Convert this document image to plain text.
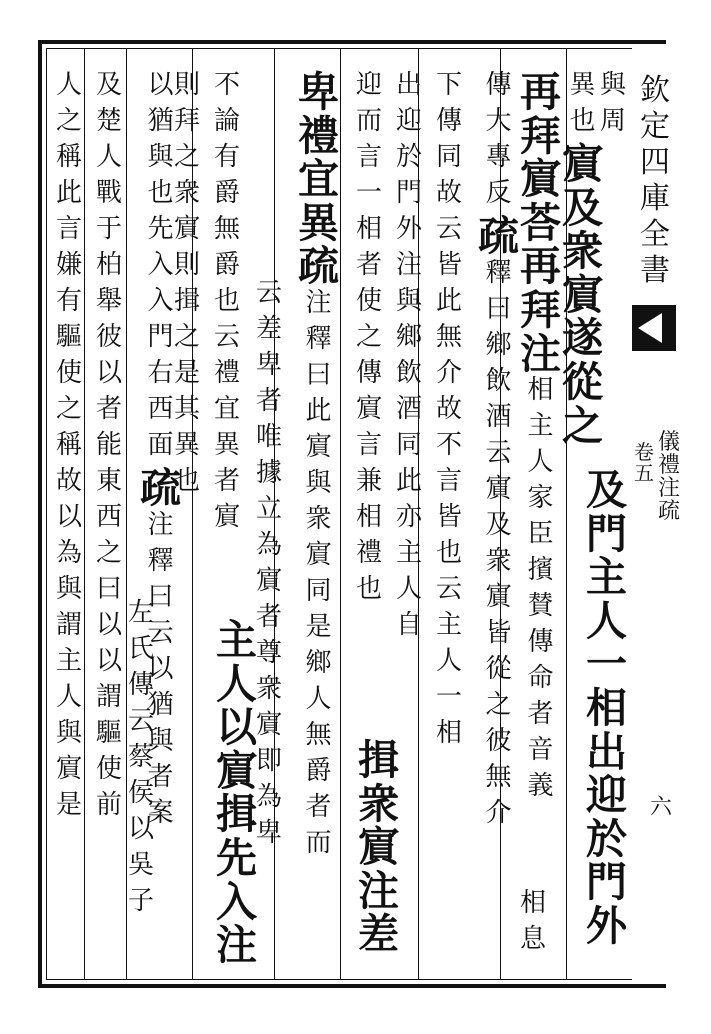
與
周
異
也
賔
及
衆
賔
遂
從
之
再
拜
賔
荅
再
拜
注
相
主
人
家
臣
擯
賛
傳
命
者
音
義
傳
大
專
反
疏
釋
曰
鄉
飲
酒
云
賔
及
衆
賔
皆
從
之
彼
無
介
下
傳
同
故
云
皆
此
無
介
故
不
言
皆
也
云
主
人
一
相
迎
而
言
一
相
者
使
之
傳
賔
言
兼
相
禮
也
出
迎
於
門
外
注
與
鄉
飲
酒
同
此
亦
主
人
自
卑
禮
宜
異
疏
注
釋
曰
此
賔
與
衆
賔
同
是
鄉
人
無
爵
者
而
云
差
卑
者
唯
據
立
為
賔
者
尊
衆
賔
即
為
卑
不
論
有
爵
無
爵
也
云
禮
宜
異
者
賔
則
拜
之
衆
賔
則
揖
之
是
其
異
也
以
猶
與
也
先
入
入
門
右
西
面
疏
注
釋
曰
云
以
猶
與
者
案
左
氏
傳
云
蔡
侯
以
吳
子
及
楚
人
戰
于
柏
舉
彼
以
者
能
東
西
之
曰
以
以
謂
驅
使
前
人
之
稱
此
言
嫌
有
驅
使
之
稱
故
以
為
與
謂
主
人
與
賔
是
主
人
以
賔
揖
先
入
注
揖
衆
賔
注
差
相
息
及
門
主
人
一
相
出
迎
於
門
外
欽
定
四
庫
全
書
卷
五
儀
禮
注
疏
六
